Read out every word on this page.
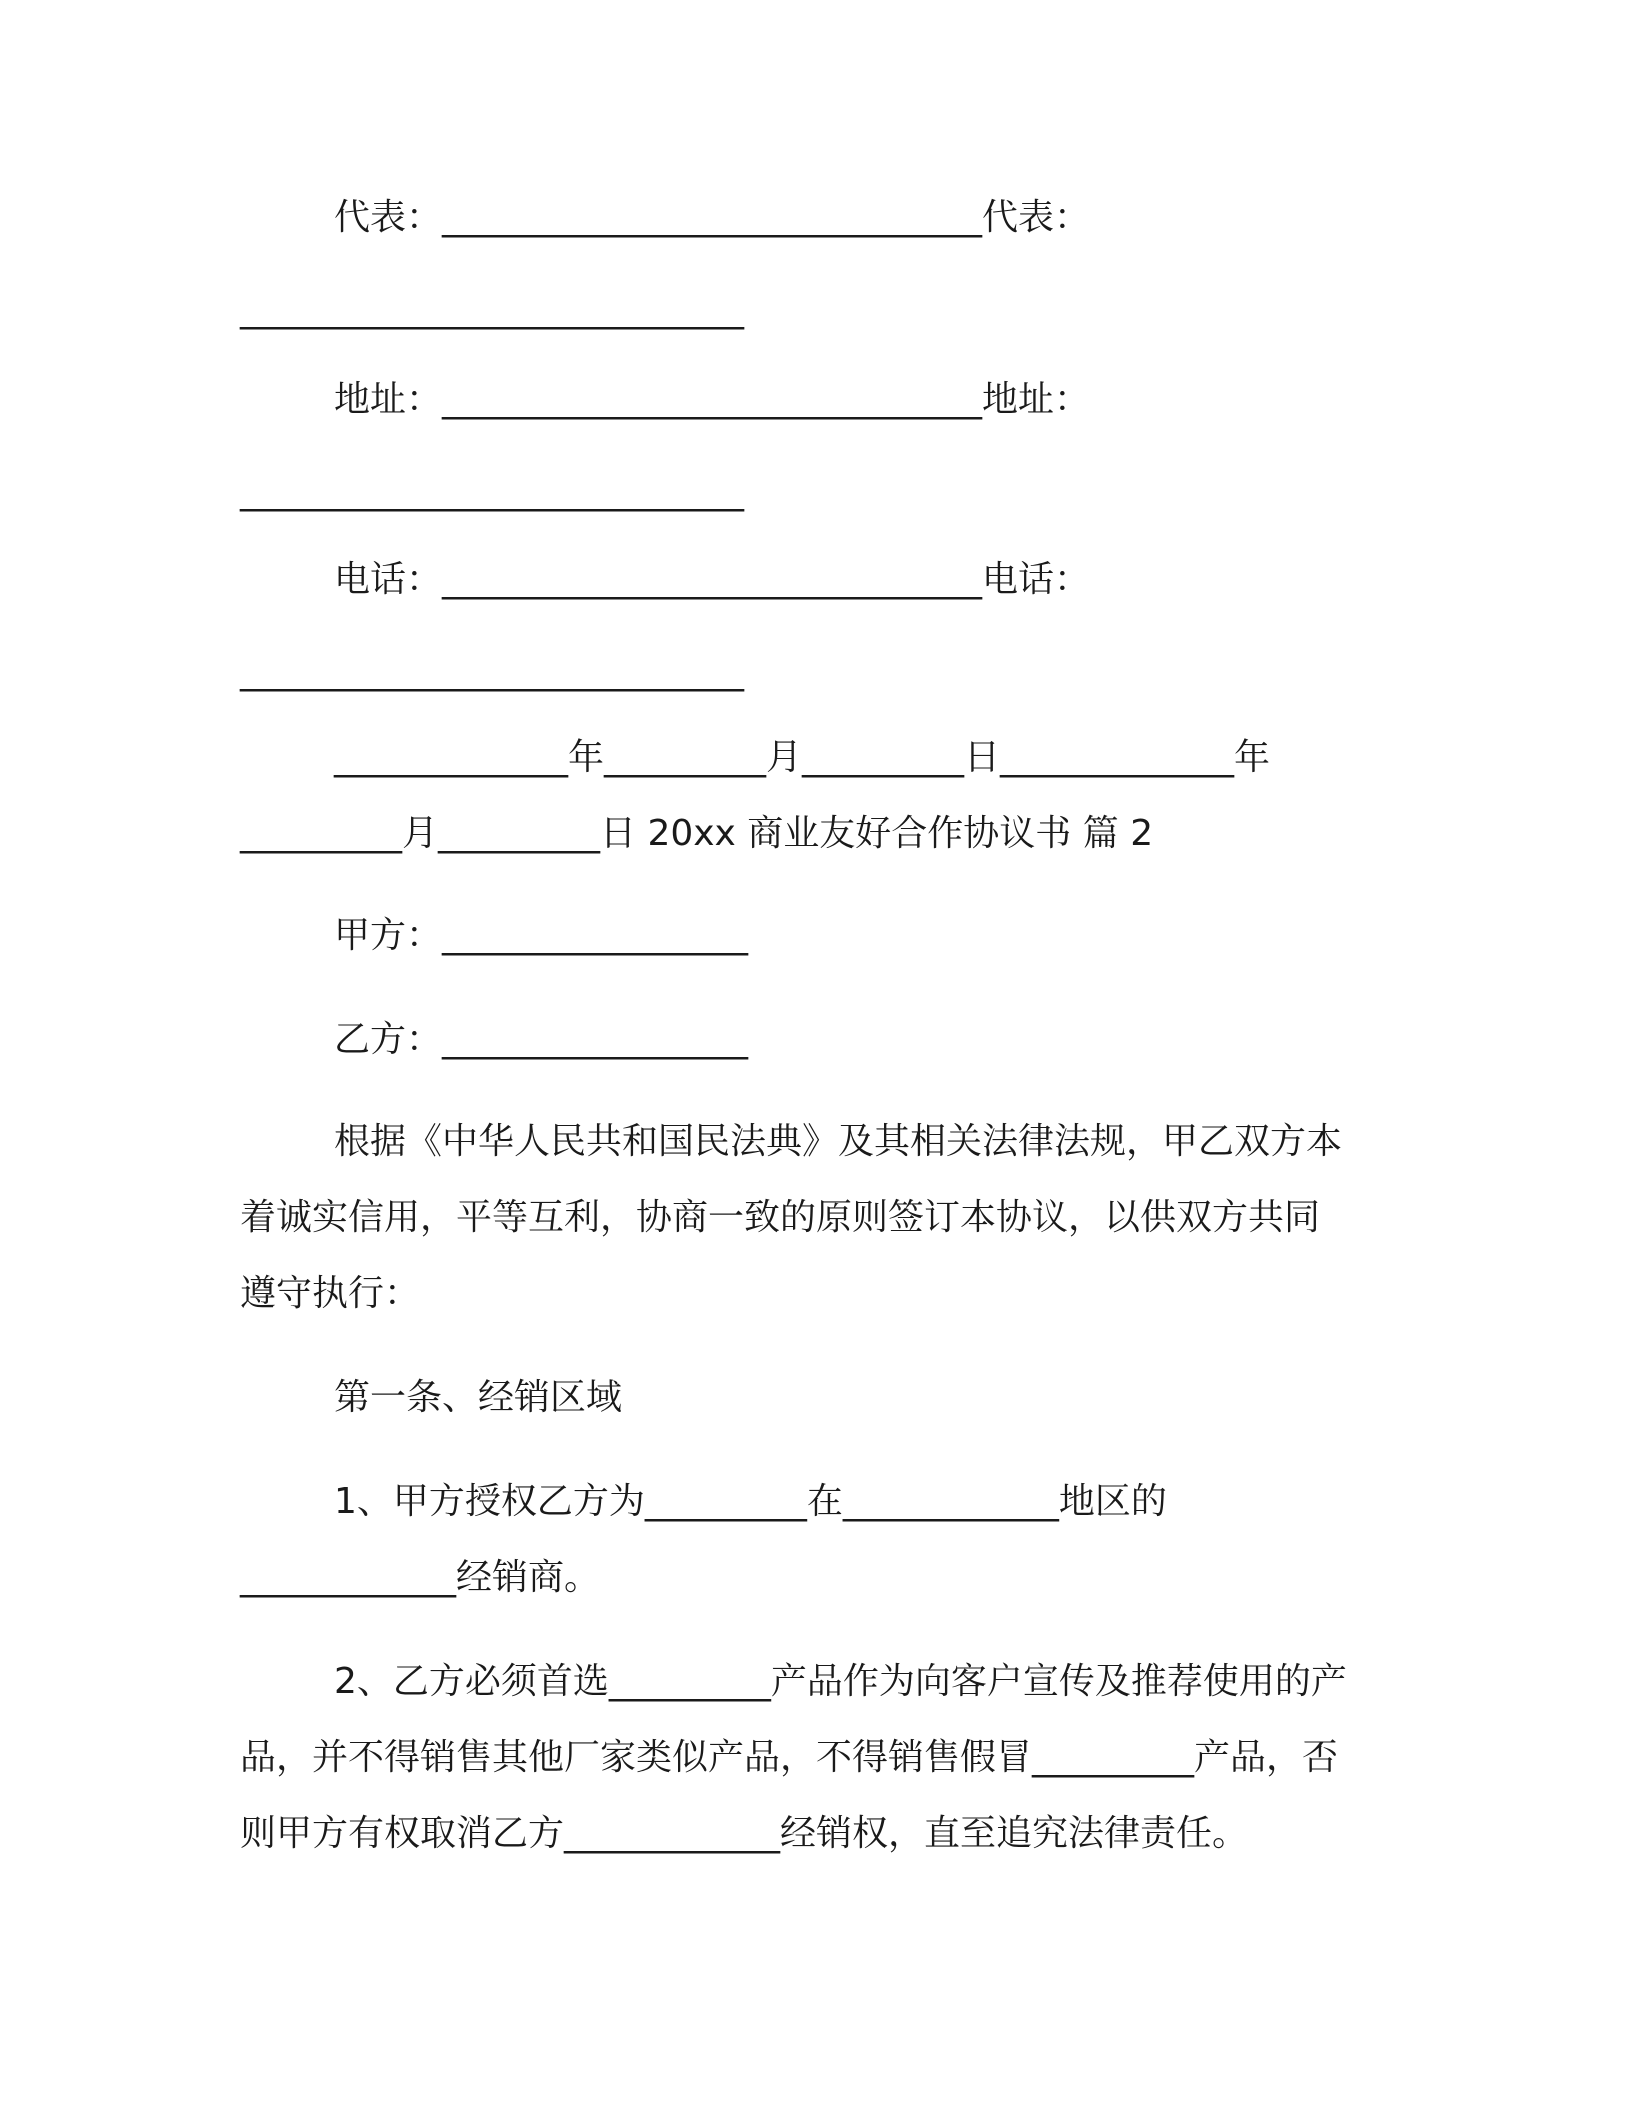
代表：______________________________代表：
____________________________
地址：______________________________地址：
____________________________
电话：______________________________电话：
____________________________
_____________年_________月_________日_____________年
_________月_________日 20xx 商业友好合作协议书 篇 2
甲方：_________________
乙方：_________________
根据《中华人民共和国民法典》及其相关法律法规，甲乙双方本
着诚实信用，平等互利，协商一致的原则签订本协议，以供双方共同
遵守执行：
第一条、经销区域
1、甲方授权乙方为_________在____________地区的
____________经销商。
2、乙方必须首选_________产品作为向客户宣传及推荐使用的产
品，并不得销售其他厂家类似产品，不得销售假冒_________产品，否
则甲方有权取消乙方____________经销权，直至追究法律责任。
